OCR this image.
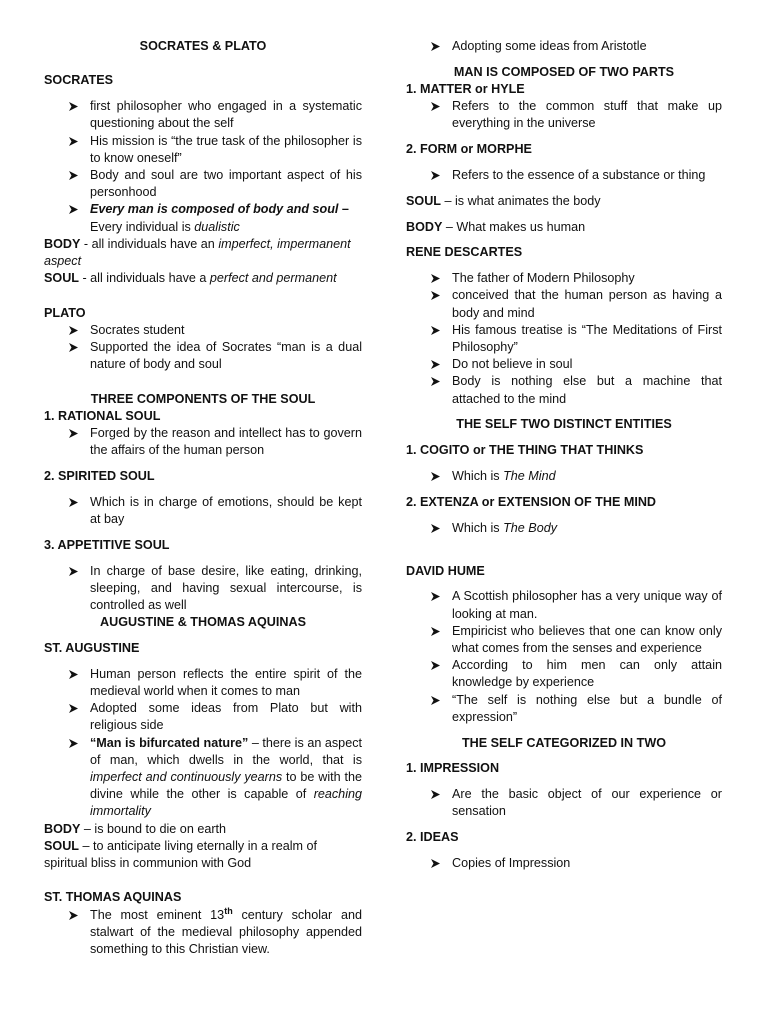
SOCRATES & PLATO
SOCRATES
first philosopher who engaged in a systematic questioning about the self
His mission is “the true task of the philosopher is to know oneself”
Body and soul are two important aspect of his personhood
Every man is composed of body and soul –
Every individual is dualistic
BODY - all individuals have an imperfect, impermanent aspect
SOUL - all individuals have a perfect and permanent
PLATO
Socrates student
Supported the idea of Socrates “man is a dual nature of body and soul
THREE COMPONENTS OF THE SOUL
1. RATIONAL SOUL
Forged by the reason and intellect has to govern the affairs of the human person
2. SPIRITED SOUL
Which is in charge of emotions, should be kept at bay
3. APPETITIVE SOUL
In charge of base desire, like eating, drinking, sleeping, and having sexual intercourse, is controlled as well
AUGUSTINE & THOMAS AQUINAS
ST. AUGUSTINE
Human person reflects the entire spirit of the medieval world when it comes to man
Adopted some ideas from Plato but with religious side
“Man is bifurcated nature” – there is an aspect of man, which dwells in the world, that is imperfect and continuously yearns to be with the divine while the other is capable of reaching immortality
BODY – is bound to die on earth
SOUL – to anticipate living eternally in a realm of spiritual bliss in communion with God
ST. THOMAS AQUINAS
The most eminent 13th century scholar and stalwart of the medieval philosophy appended something to this Christian view.
Adopting some ideas from Aristotle
MAN IS COMPOSED OF TWO PARTS
1. MATTER or HYLE
Refers to the common stuff that make up everything in the universe
2. FORM or MORPHE
Refers to the essence of a substance or thing
SOUL – is what animates the body
BODY – What makes us human
RENE DESCARTES
The father of Modern Philosophy
conceived that the human person as having a body and mind
His famous treatise is “The Meditations of First Philosophy”
Do not believe in soul
Body is nothing else but a machine that attached to the mind
THE SELF TWO DISTINCT ENTITIES
1. COGITO or THE THING THAT THINKS
Which is The Mind
2. EXTENZA or EXTENSION OF THE MIND
Which is The Body
DAVID HUME
A Scottish philosopher has a very unique way of looking at man.
Empiricist who believes that one can know only what comes from the senses and experience
According to him men can only attain knowledge by experience
“The self is nothing else but a bundle of expression”
THE SELF CATEGORIZED IN TWO
1. IMPRESSION
Are the basic object of our experience or sensation
2. IDEAS
Copies of Impression
